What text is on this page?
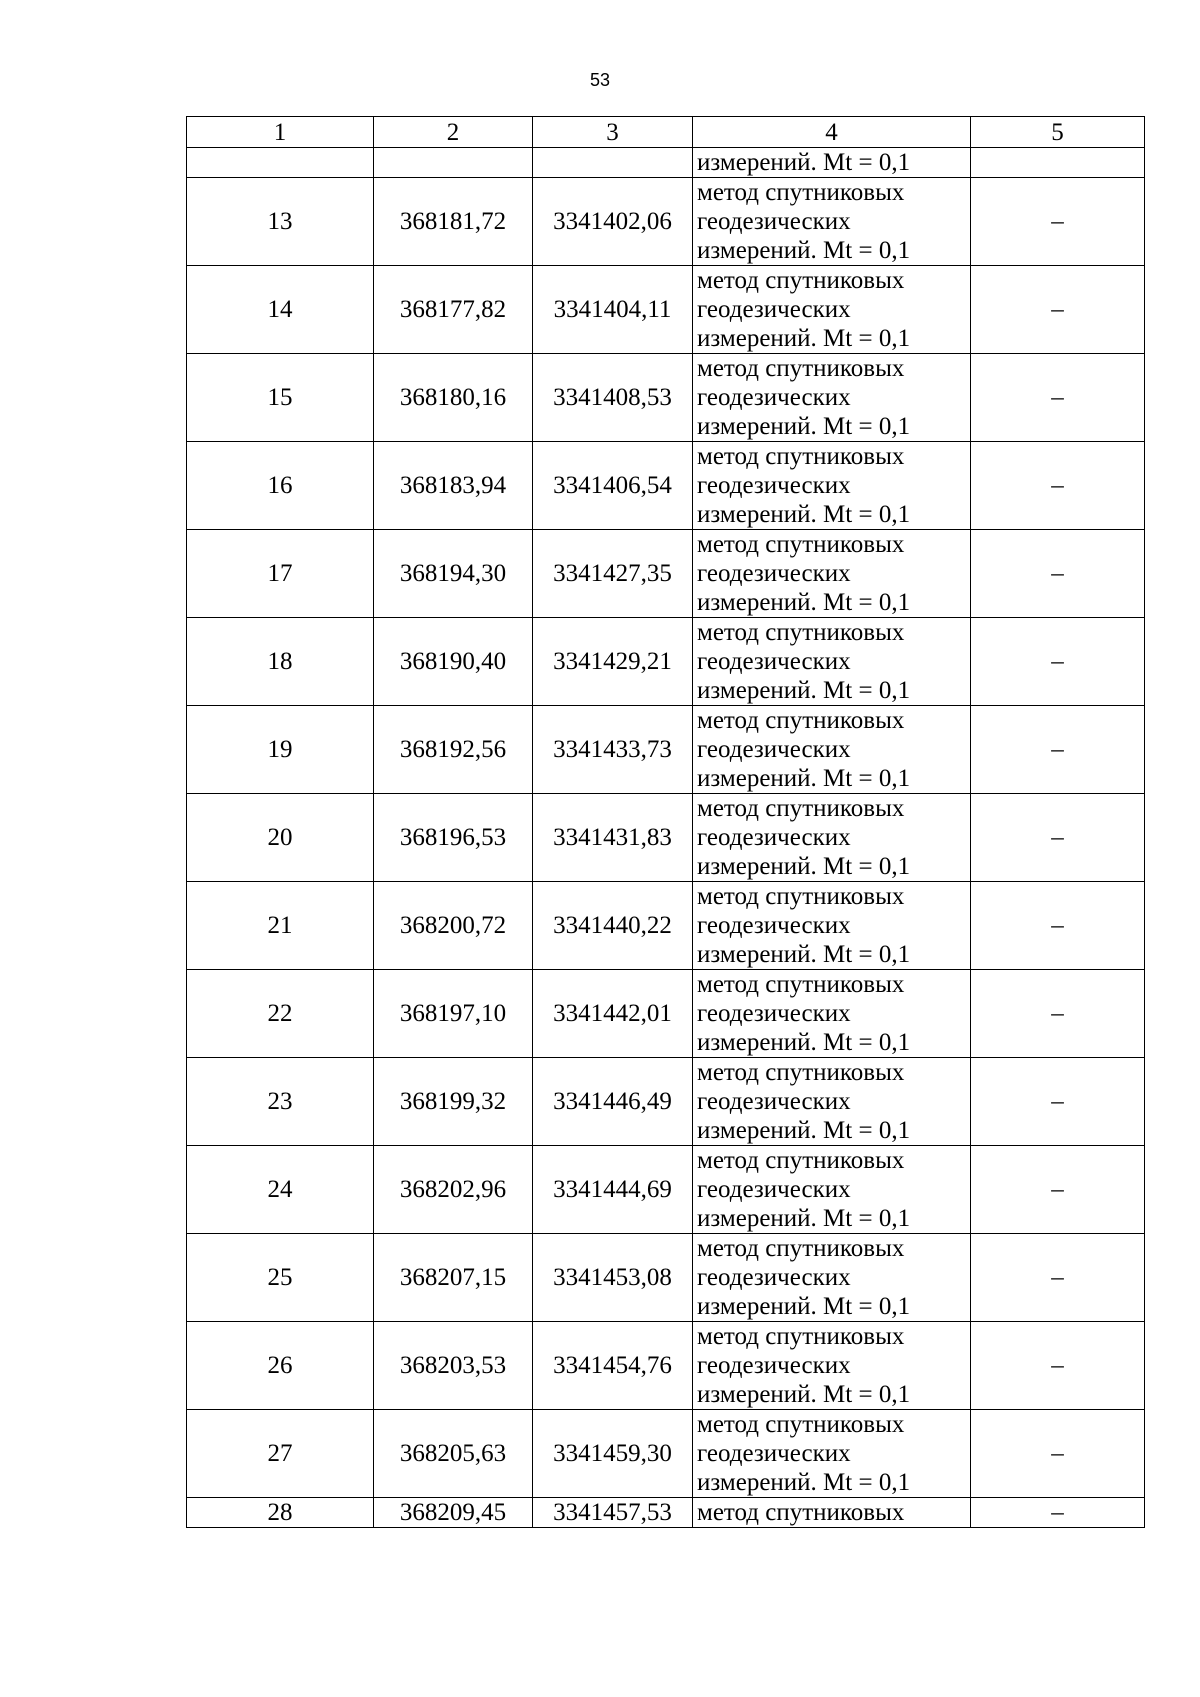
53
1	2	3	4	5
			измерений. Mt = 0,1	
13	368181,72	3341402,06	метод спутниковых
геодезических
измерений. Mt = 0,1	–
14	368177,82	3341404,11	метод спутниковых
геодезических
измерений. Mt = 0,1	–
15	368180,16	3341408,53	метод спутниковых
геодезических
измерений. Mt = 0,1	–
16	368183,94	3341406,54	метод спутниковых
геодезических
измерений. Mt = 0,1	–
17	368194,30	3341427,35	метод спутниковых
геодезических
измерений. Mt = 0,1	–
18	368190,40	3341429,21	метод спутниковых
геодезических
измерений. Mt = 0,1	–
19	368192,56	3341433,73	метод спутниковых
геодезических
измерений. Mt = 0,1	–
20	368196,53	3341431,83	метод спутниковых
геодезических
измерений. Mt = 0,1	–
21	368200,72	3341440,22	метод спутниковых
геодезических
измерений. Mt = 0,1	–
22	368197,10	3341442,01	метод спутниковых
геодезических
измерений. Mt = 0,1	–
23	368199,32	3341446,49	метод спутниковых
геодезических
измерений. Mt = 0,1	–
24	368202,96	3341444,69	метод спутниковых
геодезических
измерений. Mt = 0,1	–
25	368207,15	3341453,08	метод спутниковых
геодезических
измерений. Mt = 0,1	–
26	368203,53	3341454,76	метод спутниковых
геодезических
измерений. Mt = 0,1	–
27	368205,63	3341459,30	метод спутниковых
геодезических
измерений. Mt = 0,1	–
28	368209,45	3341457,53	метод спутниковых	–
